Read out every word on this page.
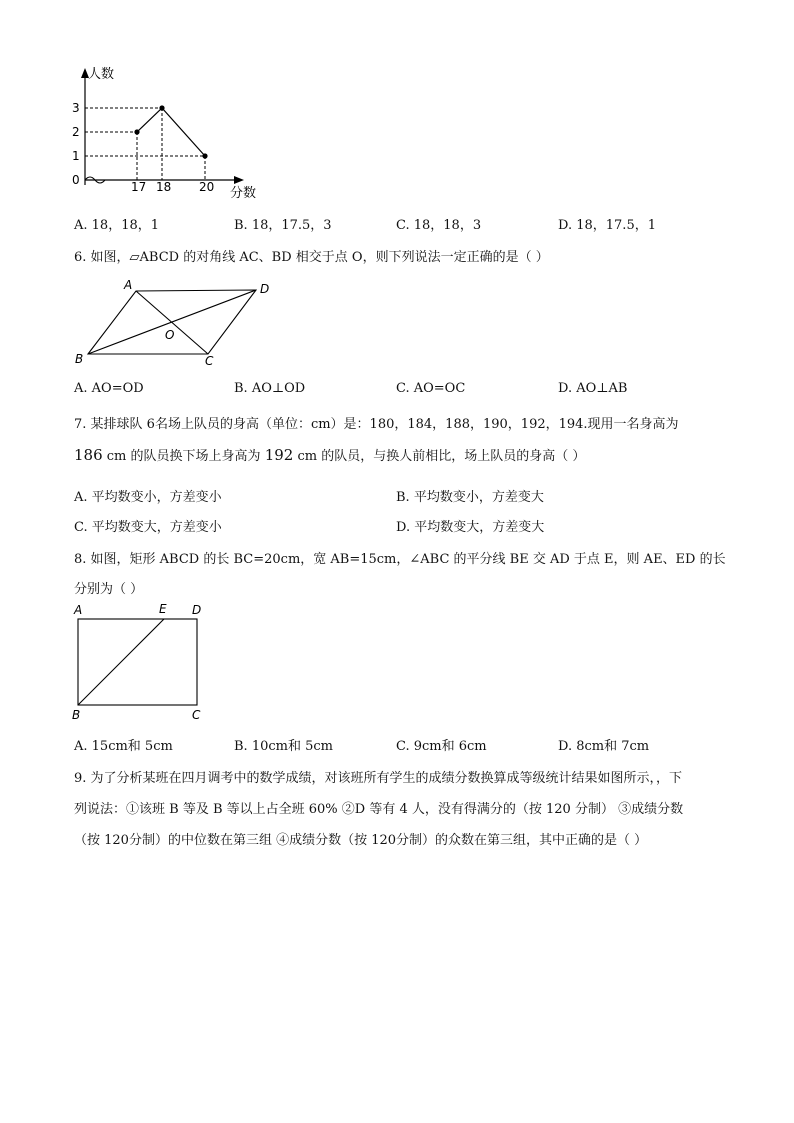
人数
分数
3
2
1
0	17 18 20
A. 18，18，1	B. 18，17.5，3	C. 18，18，3	D. 18，17.5，1
6. 如图，▱ABCD 的对角线 AC、BD 相交于点 O，则下列说法一定正确的是（ ）
A	D
O
B	C
A. AO=OD	B. AO⊥OD	C. AO=OC	D. AO⊥AB
7. 某排球队 6名场上队员的身高（单位：cm）是：180，184，188，190，192，194.现用一名身高为
186 cm 的队员换下场上身高为 192 cm 的队员，与换人前相比，场上队员的身高（ ）
A. 平均数变小，方差变小	B. 平均数变小，方差变大
C. 平均数变大，方差变小	D. 平均数变大，方差变大
8. 如图，矩形 ABCD 的长 BC=20cm，宽 AB=15cm，∠ABC 的平分线 BE 交 AD 于点 E，则 AE、ED 的长
分别为（ ）
A	E D
B	C
A. 15cm和 5cm	B. 10cm和 5cm	C. 9cm和 6cm	D. 8cm和 7cm
9. 为了分析某班在四月调考中的数学成绩，对该班所有学生的成绩分数换算成等级统计结果如图所示，，下
列说法：①该班 B 等及 B 等以上占全班 60% ②D 等有 4 人，没有得满分的（按 120 分制） ③成绩分数
（按 120分制）的中位数在第三组 ④成绩分数（按 120分制）的众数在第三组，其中正确的是（ ）
